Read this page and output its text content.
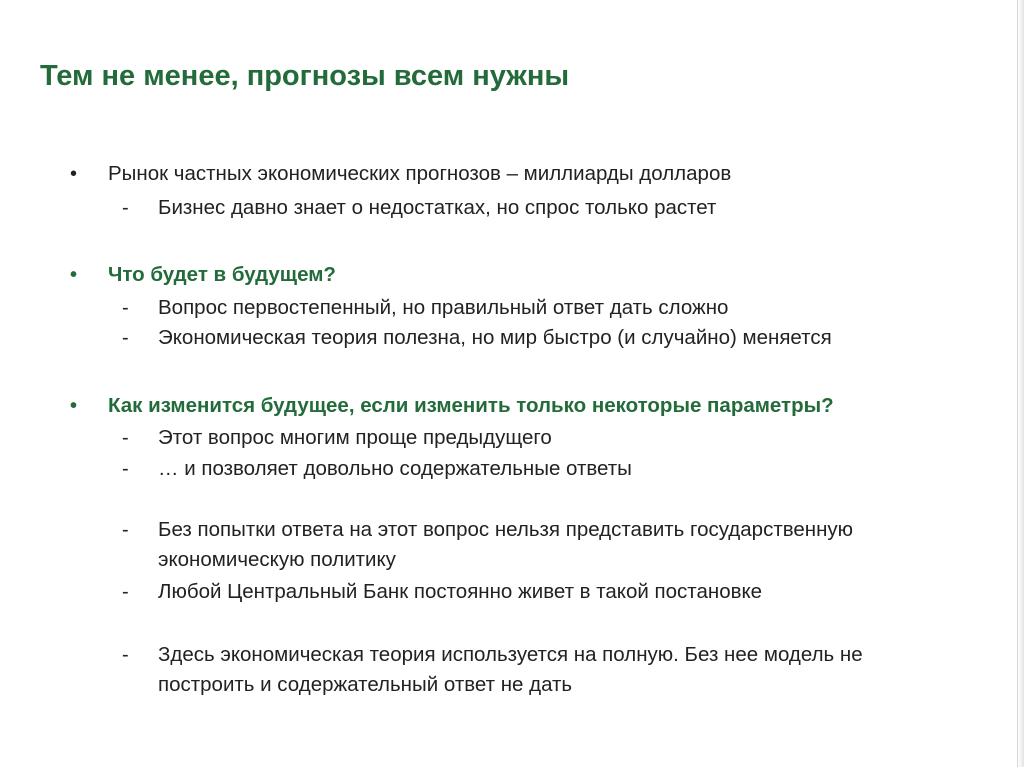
Тем не менее, прогнозы всем нужны
• Рынок частных экономических прогнозов – миллиарды долларов
- Бизнес давно знает о недостатках, но спрос только растет
• Что будет в будущем?
- Вопрос первостепенный, но правильный ответ дать сложно
- Экономическая теория полезна, но мир быстро (и случайно) меняется
• Как изменится будущее, если изменить только некоторые параметры?
- Этот вопрос многим проще предыдущего
- … и позволяет довольно содержательные ответы
- Без попытки ответа на этот вопрос нельзя представить государственную
экономическую политику
- Любой Центральный Банк постоянно живет в такой постановке
- Здесь экономическая теория используется на полную. Без нее модель не
построить и содержательный ответ не дать
